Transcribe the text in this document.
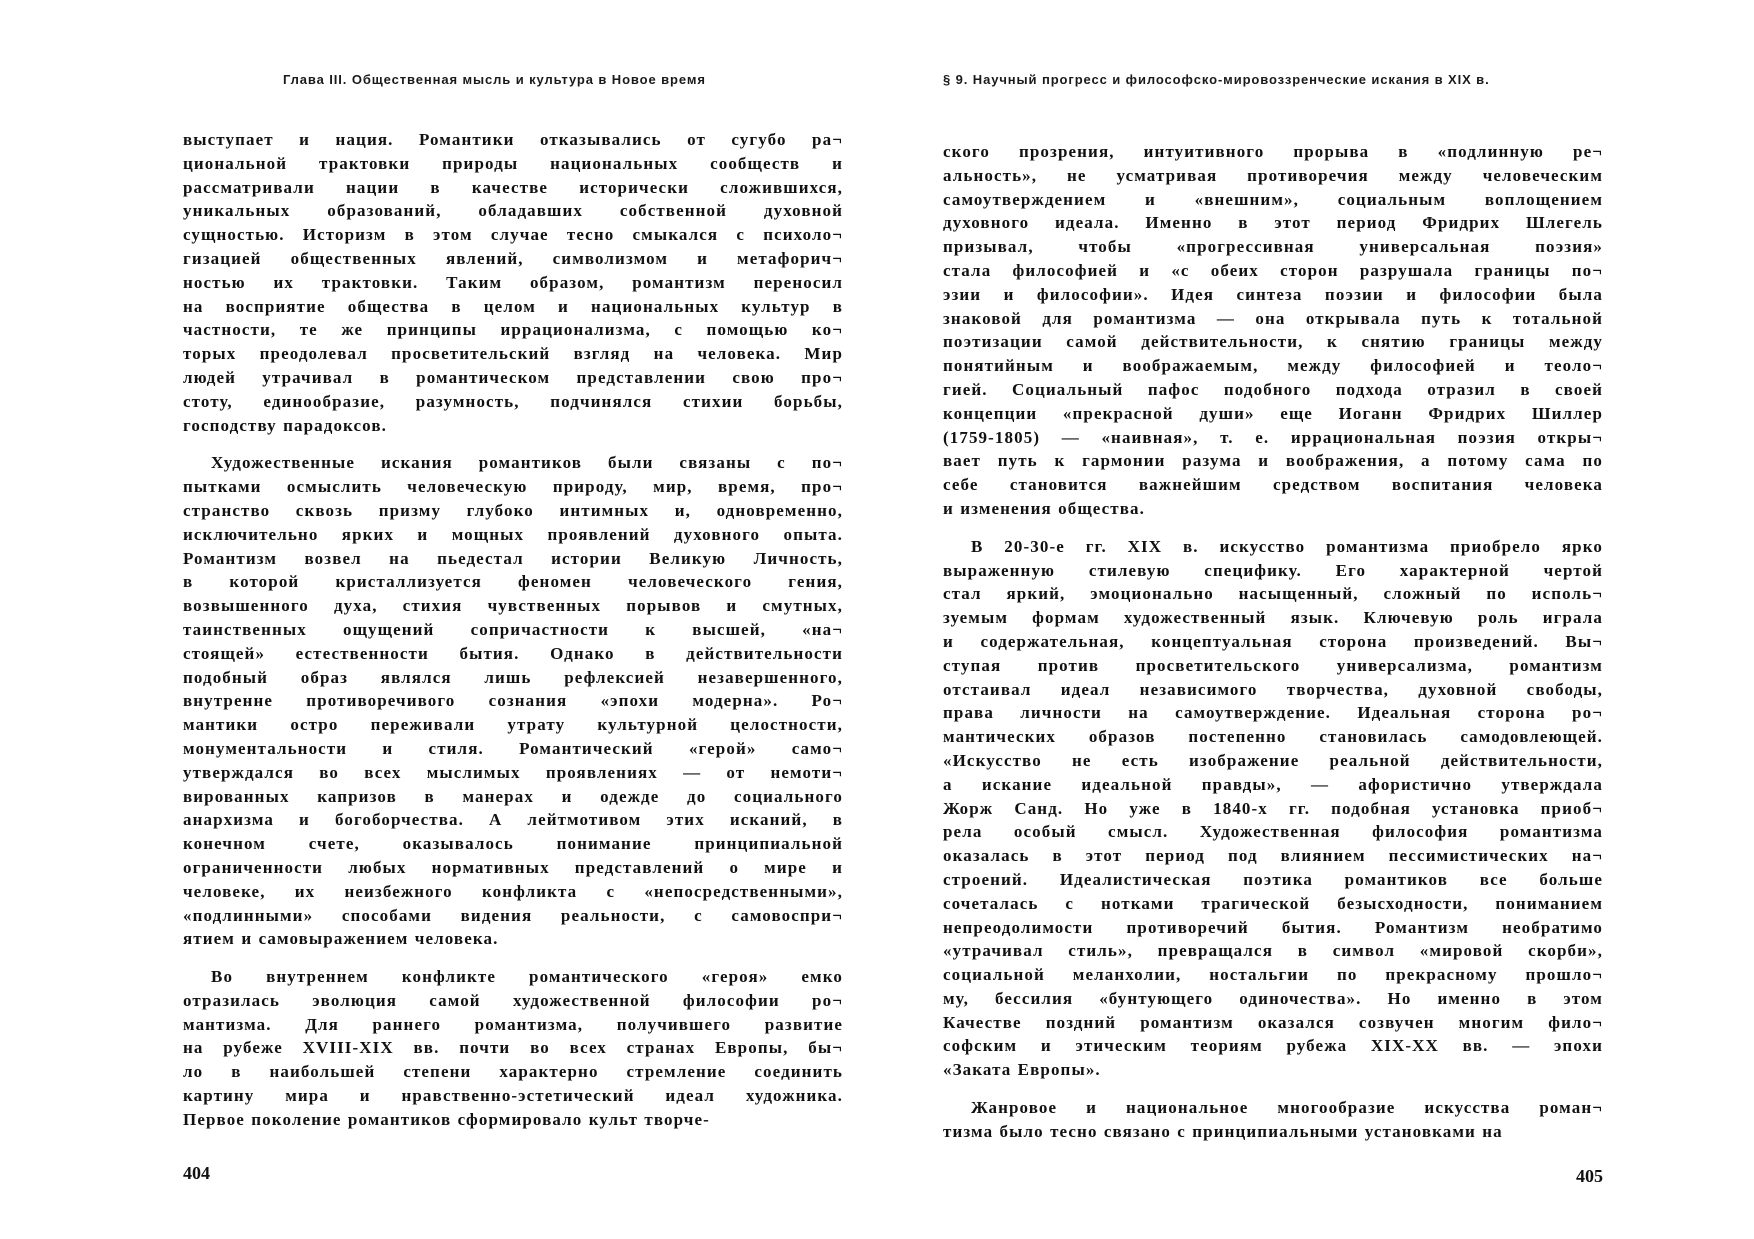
Глава III. Общественная мысль и культура в Новое время

выступает и нация. Романтики отказывались от сугубо ра¬
циональной трактовки природы национальных сообществ и
рассматривали нации в качестве исторически сложившихся,
уникальных образований, обладавших собственной духовной
сущностью. Историзм в этом случае тесно смыкался с психоло¬
гизацией общественных явлений, символизмом и метафорич¬
ностью их трактовки. Таким образом, романтизм переносил
на восприятие общества в целом и национальных культур в
частности, те же принципы иррационализма, с помощью ко¬
торых преодолевал просветительский взгляд на человека. Мир
людей утрачивал в романтическом представлении свою про¬
стоту, единообразие, разумность, подчинялся стихии борьбы,
господству парадоксов.

Художественные искания романтиков были связаны с по¬
пытками осмыслить человеческую природу, мир, время, про¬
странство сквозь призму глубоко интимных и, одновременно,
исключительно ярких и мощных проявлений духовного опыта.
Романтизм возвел на пьедестал истории Великую Личность,
в которой кристаллизуется феномен человеческого гения,
возвышенного духа, стихия чувственных порывов и смутных,
таинственных ощущений сопричастности к высшей, «на¬
стоящей» естественности бытия. Однако в действительности
подобный образ являлся лишь рефлексией незавершенного,
внутренне противоречивого сознания «эпохи модерна». Ро¬
мантики остро переживали утрату культурной целостности,
монументальности и стиля. Романтический «герой» само¬
утверждался во всех мыслимых проявлениях — от немоти¬
вированных капризов в манерах и одежде до социального
анархизма и богоборчества. А лейтмотивом этих исканий, в
конечном счете, оказывалось понимание принципиальной
ограниченности любых нормативных представлений о мире и
человеке, их неизбежного конфликта с «непосредственными»,
«подлинными» способами видения реальности, с самовоспри¬
ятием и самовыражением человека.

Во внутреннем конфликте романтического «героя» емко
отразилась эволюция самой художественной философии ро¬
мантизма. Для раннего романтизма, получившего развитие
на рубеже XVIII-XIX вв. почти во всех странах Европы, бы¬
ло в наибольшей степени характерно стремление соединить
картину мира и нравственно-эстетический идеал художника.
Первое поколение романтиков сформировало культ творче-

404
§ 9. Научный прогресс и философско-мировоззренческие искания в XIX в.

ского прозрения, интуитивного прорыва в «подлинную ре¬
альность», не усматривая противоречия между человеческим
самоутверждением и «внешним», социальным воплощением
духовного идеала. Именно в этот период Фридрих Шлегель
призывал, чтобы «прогрессивная универсальная поэзия»
стала философией и «с обеих сторон разрушала границы по¬
эзии и философии». Идея синтеза поэзии и философии была
знаковой для романтизма — она открывала путь к тотальной
поэтизации самой действительности, к снятию границы между
понятийным и воображаемым, между философией и теоло¬
гией. Социальный пафос подобного подхода отразил в своей
концепции «прекрасной души» еще Иоганн Фридрих Шиллер
(1759-1805) — «наивная», т. е. иррациональная поэзия откры¬
вает путь к гармонии разума и воображения, а потому сама по
себе становится важнейшим средством воспитания человека
и изменения общества.

В 20-30-е гг. XIX в. искусство романтизма приобрело ярко
выраженную стилевую специфику. Его характерной чертой
стал яркий, эмоционально насыщенный, сложный по исполь¬
зуемым формам художественный язык. Ключевую роль играла
и содержательная, концептуальная сторона произведений. Вы¬
ступая против просветительского универсализма, романтизм
отстаивал идеал независимого творчества, духовной свободы,
права личности на самоутверждение. Идеальная сторона ро¬
мантических образов постепенно становилась самодовлеющей.
«Искусство не есть изображение реальной действительности,
а искание идеальной правды», — афористично утверждала
Жорж Санд. Но уже в 1840-х гг. подобная установка приоб¬
рела особый смысл. Художественная философия романтизма
оказалась в этот период под влиянием пессимистических на¬
строений. Идеалистическая поэтика романтиков все больше
сочеталась с нотками трагической безысходности, пониманием
непреодолимости противоречий бытия. Романтизм необратимо
«утрачивал стиль», превращался в символ «мировой скорби»,
социальной меланхолии, ностальгии по прекрасному прошло¬
му, бессилия «бунтующего одиночества». Но именно в этом
Качестве поздний романтизм оказался созвучен многим фило¬
софским и этическим теориям рубежа XIX-XX вв. — эпохи
«Заката Европы».

Жанровое и национальное многообразие искусства роман¬
тизма было тесно связано с принципиальными установками на

405
